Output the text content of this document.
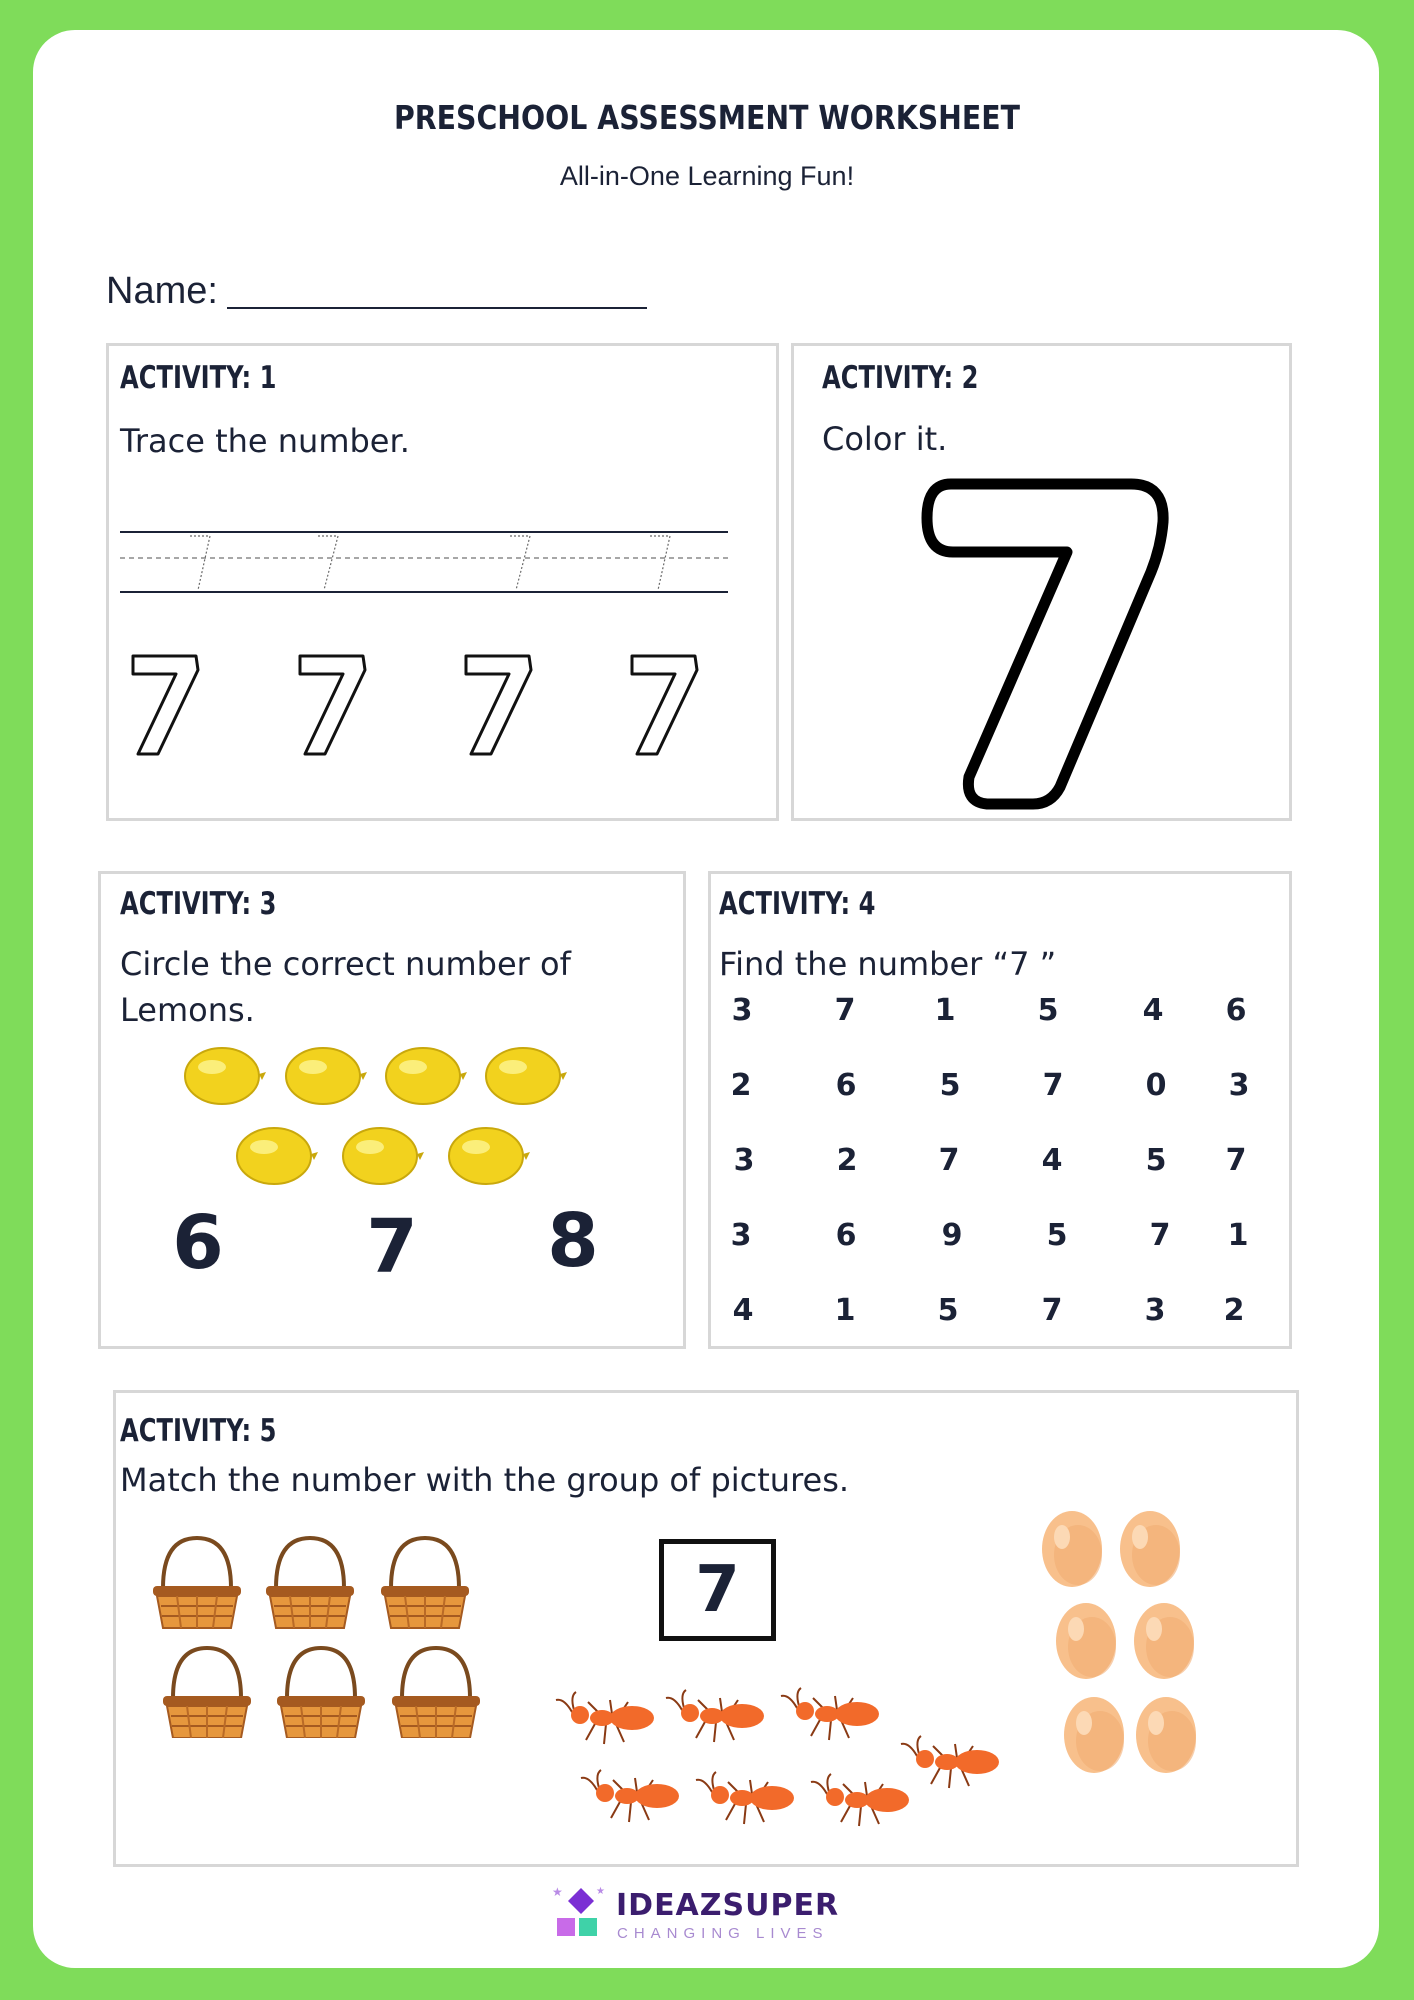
PRESCHOOL ASSESSMENT WORKSHEET
All-in-One Learning Fun!
Name:
ACTIVITY: 1
Trace the number.
ACTIVITY: 2
Color it.
ACTIVITY: 3
Circle the correct number of Lemons.
6 7 8
ACTIVITY: 4
Find the number “7 ”
3	7	1	5	4	6
2	6	5	7	0	3
3	2	7	4	5	7
3	6	9	5	7	1
4	1	5	7	3	2
ACTIVITY: 5
Match the number with the group of pictures.
7
★	★ IDEAZSUPER
CHANGING LIVES
